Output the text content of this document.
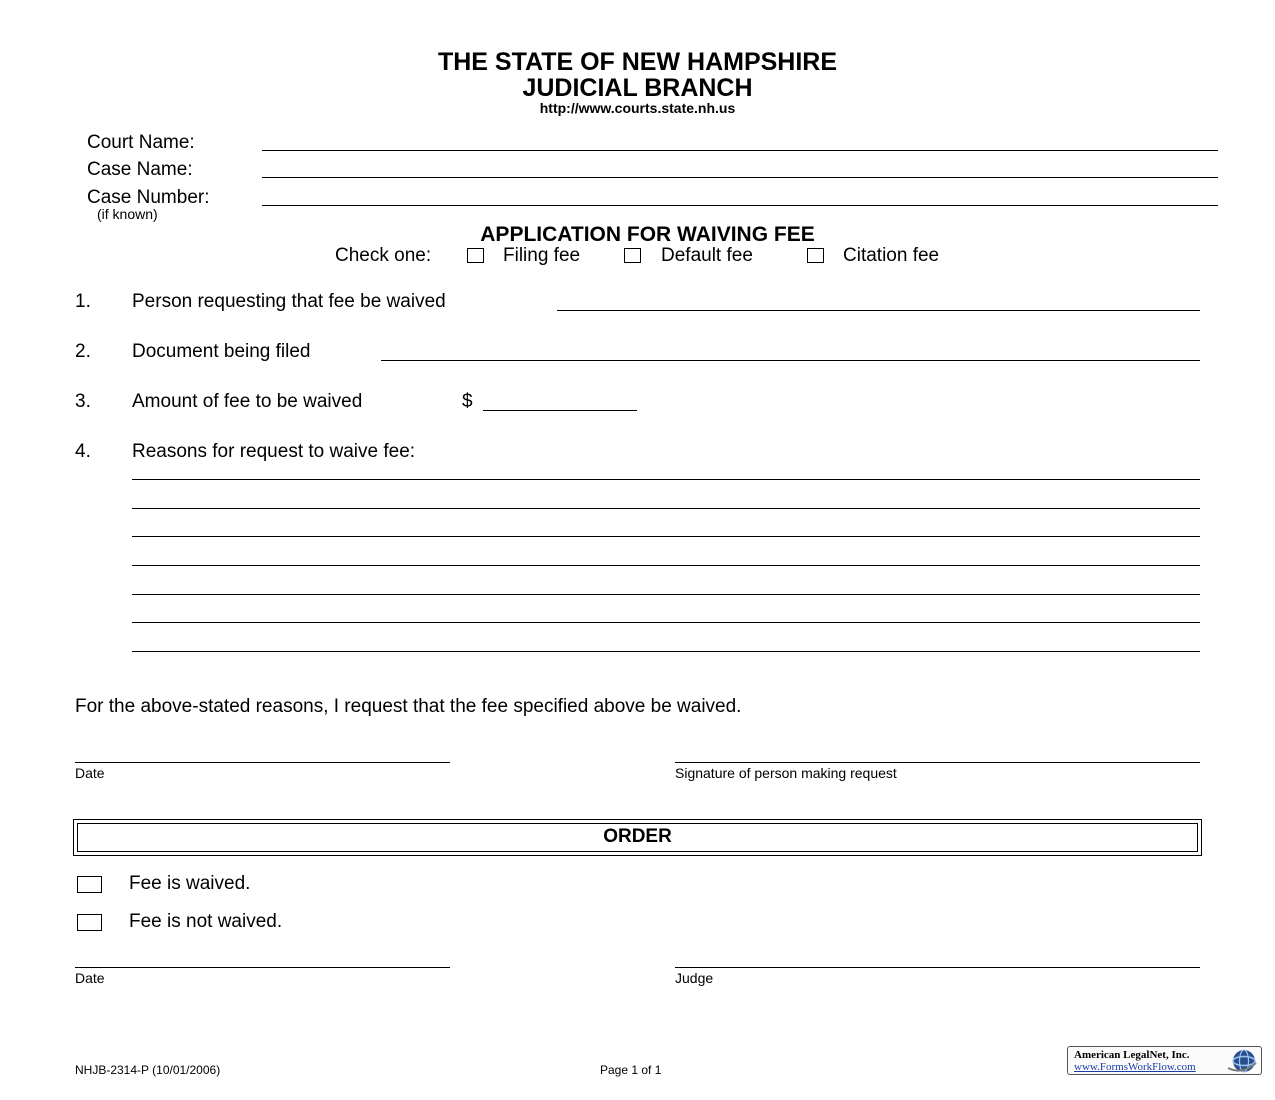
THE STATE OF NEW HAMPSHIRE
JUDICIAL BRANCH
http://www.courts.state.nh.us
Court Name:
Case Name:
Case Number:
(if known)
APPLICATION FOR WAIVING FEE
Check one:	Filing fee	Default fee	Citation fee
1. Person requesting that fee be waived
2. Document being filed
3. Amount of fee to be waived	$
4. Reasons for request to waive fee:
For the above-stated reasons, I request that the fee specified above be waived.
Date	Signature of person making request
ORDER
Fee is waived.
Fee is not waived.
Date	Judge
NHJB-2314-P (10/01/2006)	Page 1 of 1
American LegalNet, Inc.
www.FormsWorkFlow.com
